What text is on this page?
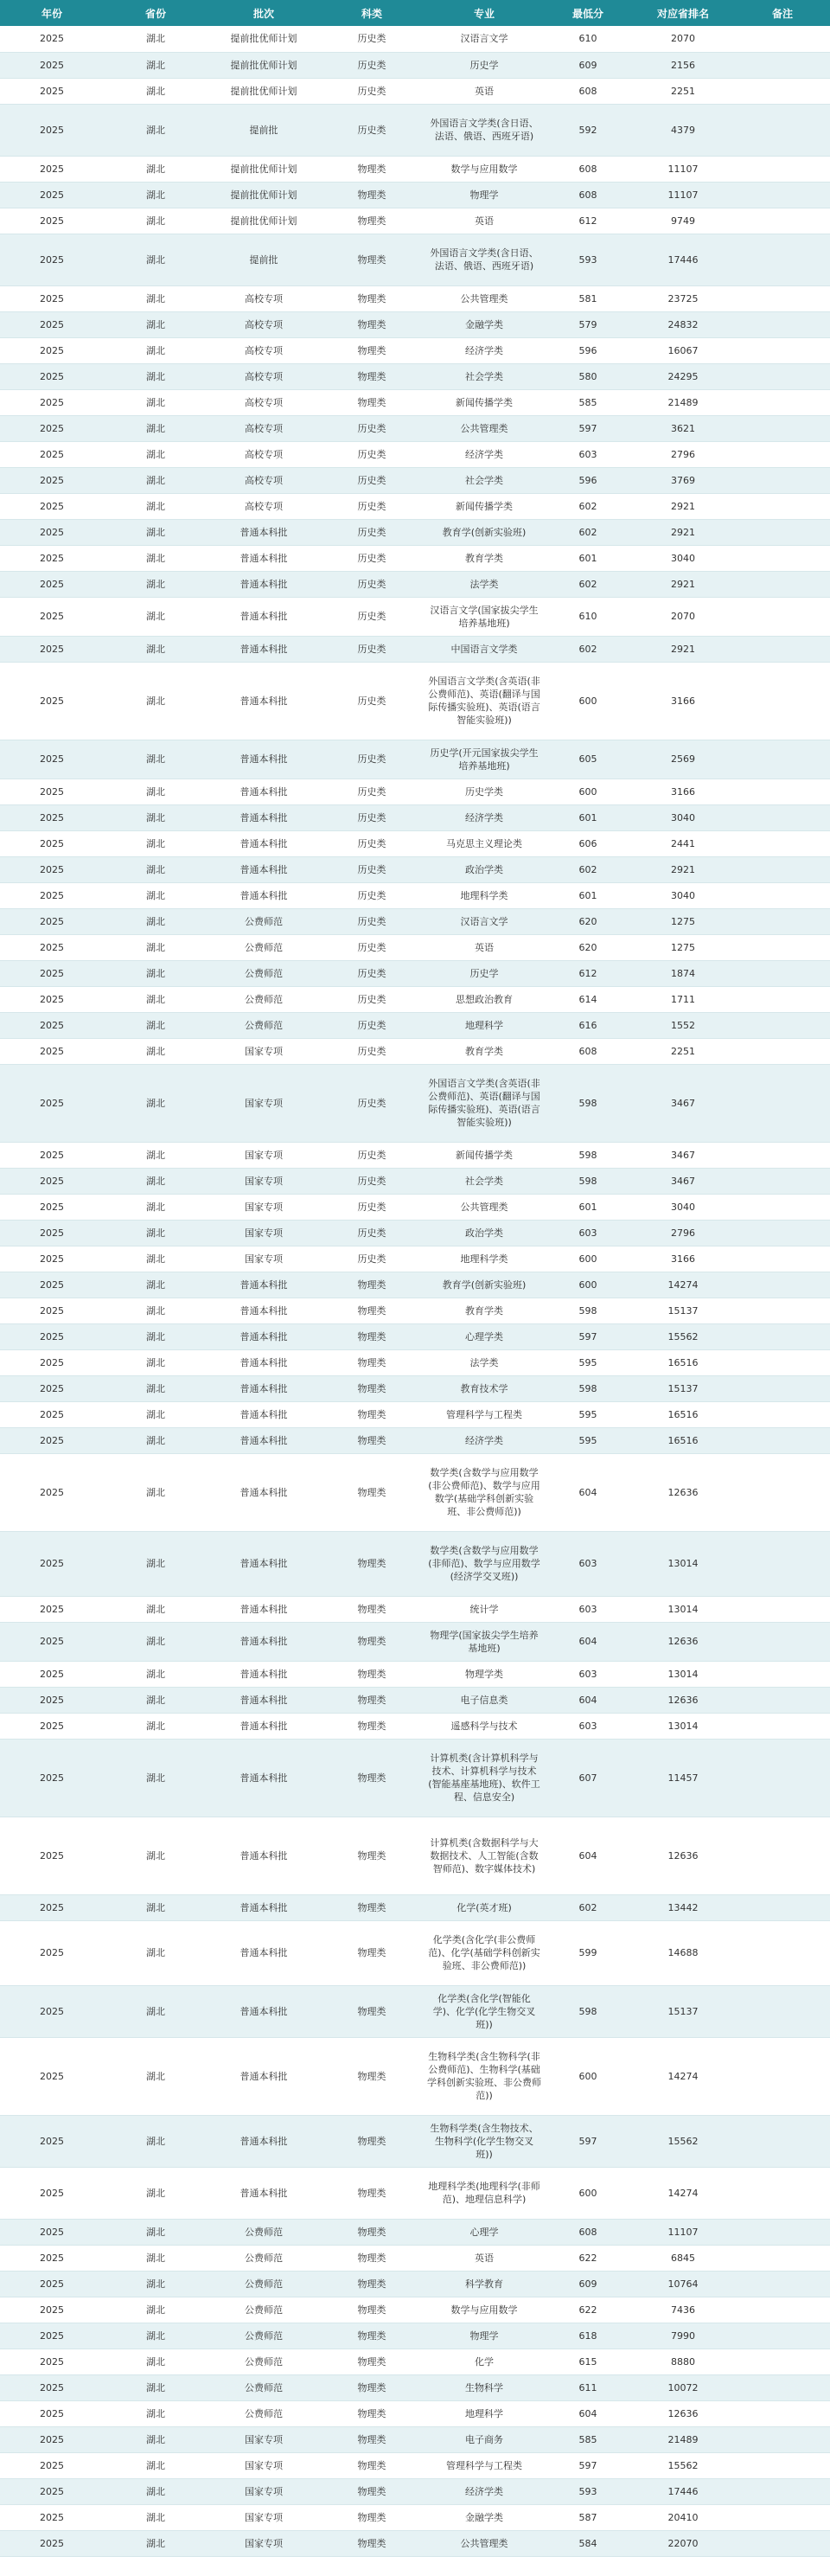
年份	省份	批次	科类	专业	最低分	对应省排名	备注
2025	湖北	提前批优师计划	历史类	汉语言文学	610	2070	
2025	湖北	提前批优师计划	历史类	历史学	609	2156	
2025	湖北	提前批优师计划	历史类	英语	608	2251	
2025	湖北	提前批	历史类	外国语言文学类(含日语、法语、俄语、西班牙语)	592	4379	
2025	湖北	提前批优师计划	物理类	数学与应用数学	608	11107	
2025	湖北	提前批优师计划	物理类	物理学	608	11107	
2025	湖北	提前批优师计划	物理类	英语	612	9749	
2025	湖北	提前批	物理类	外国语言文学类(含日语、法语、俄语、西班牙语)	593	17446	
2025	湖北	高校专项	物理类	公共管理类	581	23725	
2025	湖北	高校专项	物理类	金融学类	579	24832	
2025	湖北	高校专项	物理类	经济学类	596	16067	
2025	湖北	高校专项	物理类	社会学类	580	24295	
2025	湖北	高校专项	物理类	新闻传播学类	585	21489	
2025	湖北	高校专项	历史类	公共管理类	597	3621	
2025	湖北	高校专项	历史类	经济学类	603	2796	
2025	湖北	高校专项	历史类	社会学类	596	3769	
2025	湖北	高校专项	历史类	新闻传播学类	602	2921	
2025	湖北	普通本科批	历史类	教育学(创新实验班)	602	2921	
2025	湖北	普通本科批	历史类	教育学类	601	3040	
2025	湖北	普通本科批	历史类	法学类	602	2921	
2025	湖北	普通本科批	历史类	汉语言文学(国家拔尖学生培养基地班)	610	2070	
2025	湖北	普通本科批	历史类	中国语言文学类	602	2921	
2025	湖北	普通本科批	历史类	外国语言文学类(含英语(非公费师范)、英语(翻译与国际传播实验班)、英语(语言智能实验班))	600	3166	
2025	湖北	普通本科批	历史类	历史学(开元国家拔尖学生培养基地班)	605	2569	
2025	湖北	普通本科批	历史类	历史学类	600	3166	
2025	湖北	普通本科批	历史类	经济学类	601	3040	
2025	湖北	普通本科批	历史类	马克思主义理论类	606	2441	
2025	湖北	普通本科批	历史类	政治学类	602	2921	
2025	湖北	普通本科批	历史类	地理科学类	601	3040	
2025	湖北	公费师范	历史类	汉语言文学	620	1275	
2025	湖北	公费师范	历史类	英语	620	1275	
2025	湖北	公费师范	历史类	历史学	612	1874	
2025	湖北	公费师范	历史类	思想政治教育	614	1711	
2025	湖北	公费师范	历史类	地理科学	616	1552	
2025	湖北	国家专项	历史类	教育学类	608	2251	
2025	湖北	国家专项	历史类	外国语言文学类(含英语(非公费师范)、英语(翻译与国际传播实验班)、英语(语言智能实验班))	598	3467	
2025	湖北	国家专项	历史类	新闻传播学类	598	3467	
2025	湖北	国家专项	历史类	社会学类	598	3467	
2025	湖北	国家专项	历史类	公共管理类	601	3040	
2025	湖北	国家专项	历史类	政治学类	603	2796	
2025	湖北	国家专项	历史类	地理科学类	600	3166	
2025	湖北	普通本科批	物理类	教育学(创新实验班)	600	14274	
2025	湖北	普通本科批	物理类	教育学类	598	15137	
2025	湖北	普通本科批	物理类	心理学类	597	15562	
2025	湖北	普通本科批	物理类	法学类	595	16516	
2025	湖北	普通本科批	物理类	教育技术学	598	15137	
2025	湖北	普通本科批	物理类	管理科学与工程类	595	16516	
2025	湖北	普通本科批	物理类	经济学类	595	16516	
2025	湖北	普通本科批	物理类	数学类(含数学与应用数学(非公费师范)、数学与应用数学(基础学科创新实验班、非公费师范))	604	12636	
2025	湖北	普通本科批	物理类	数学类(含数学与应用数学(非师范)、数学与应用数学(经济学交叉班))	603	13014	
2025	湖北	普通本科批	物理类	统计学	603	13014	
2025	湖北	普通本科批	物理类	物理学(国家拔尖学生培养基地班)	604	12636	
2025	湖北	普通本科批	物理类	物理学类	603	13014	
2025	湖北	普通本科批	物理类	电子信息类	604	12636	
2025	湖北	普通本科批	物理类	遥感科学与技术	603	13014	
2025	湖北	普通本科批	物理类	计算机类(含计算机科学与技术、计算机科学与技术(智能基座基地班)、软件工程、信息安全)	607	11457	
2025	湖北	普通本科批	物理类	计算机类(含数据科学与大数据技术、人工智能(含数智师范)、数字媒体技术)	604	12636	
2025	湖北	普通本科批	物理类	化学(英才班)	602	13442	
2025	湖北	普通本科批	物理类	化学类(含化学(非公费师范)、化学(基础学科创新实验班、非公费师范))	599	14688	
2025	湖北	普通本科批	物理类	化学类(含化学(智能化学)、化学(化学生物交叉班))	598	15137	
2025	湖北	普通本科批	物理类	生物科学类(含生物科学(非公费师范)、生物科学(基础学科创新实验班、非公费师范))	600	14274	
2025	湖北	普通本科批	物理类	生物科学类(含生物技术、生物科学(化学生物交叉班))	597	15562	
2025	湖北	普通本科批	物理类	地理科学类(地理科学(非师范)、地理信息科学)	600	14274	
2025	湖北	公费师范	物理类	心理学	608	11107	
2025	湖北	公费师范	物理类	英语	622	6845	
2025	湖北	公费师范	物理类	科学教育	609	10764	
2025	湖北	公费师范	物理类	数学与应用数学	622	7436	
2025	湖北	公费师范	物理类	物理学	618	7990	
2025	湖北	公费师范	物理类	化学	615	8880	
2025	湖北	公费师范	物理类	生物科学	611	10072	
2025	湖北	公费师范	物理类	地理科学	604	12636	
2025	湖北	国家专项	物理类	电子商务	585	21489	
2025	湖北	国家专项	物理类	管理科学与工程类	597	15562	
2025	湖北	国家专项	物理类	经济学类	593	17446	
2025	湖北	国家专项	物理类	金融学类	587	20410	
2025	湖北	国家专项	物理类	公共管理类	584	22070	
